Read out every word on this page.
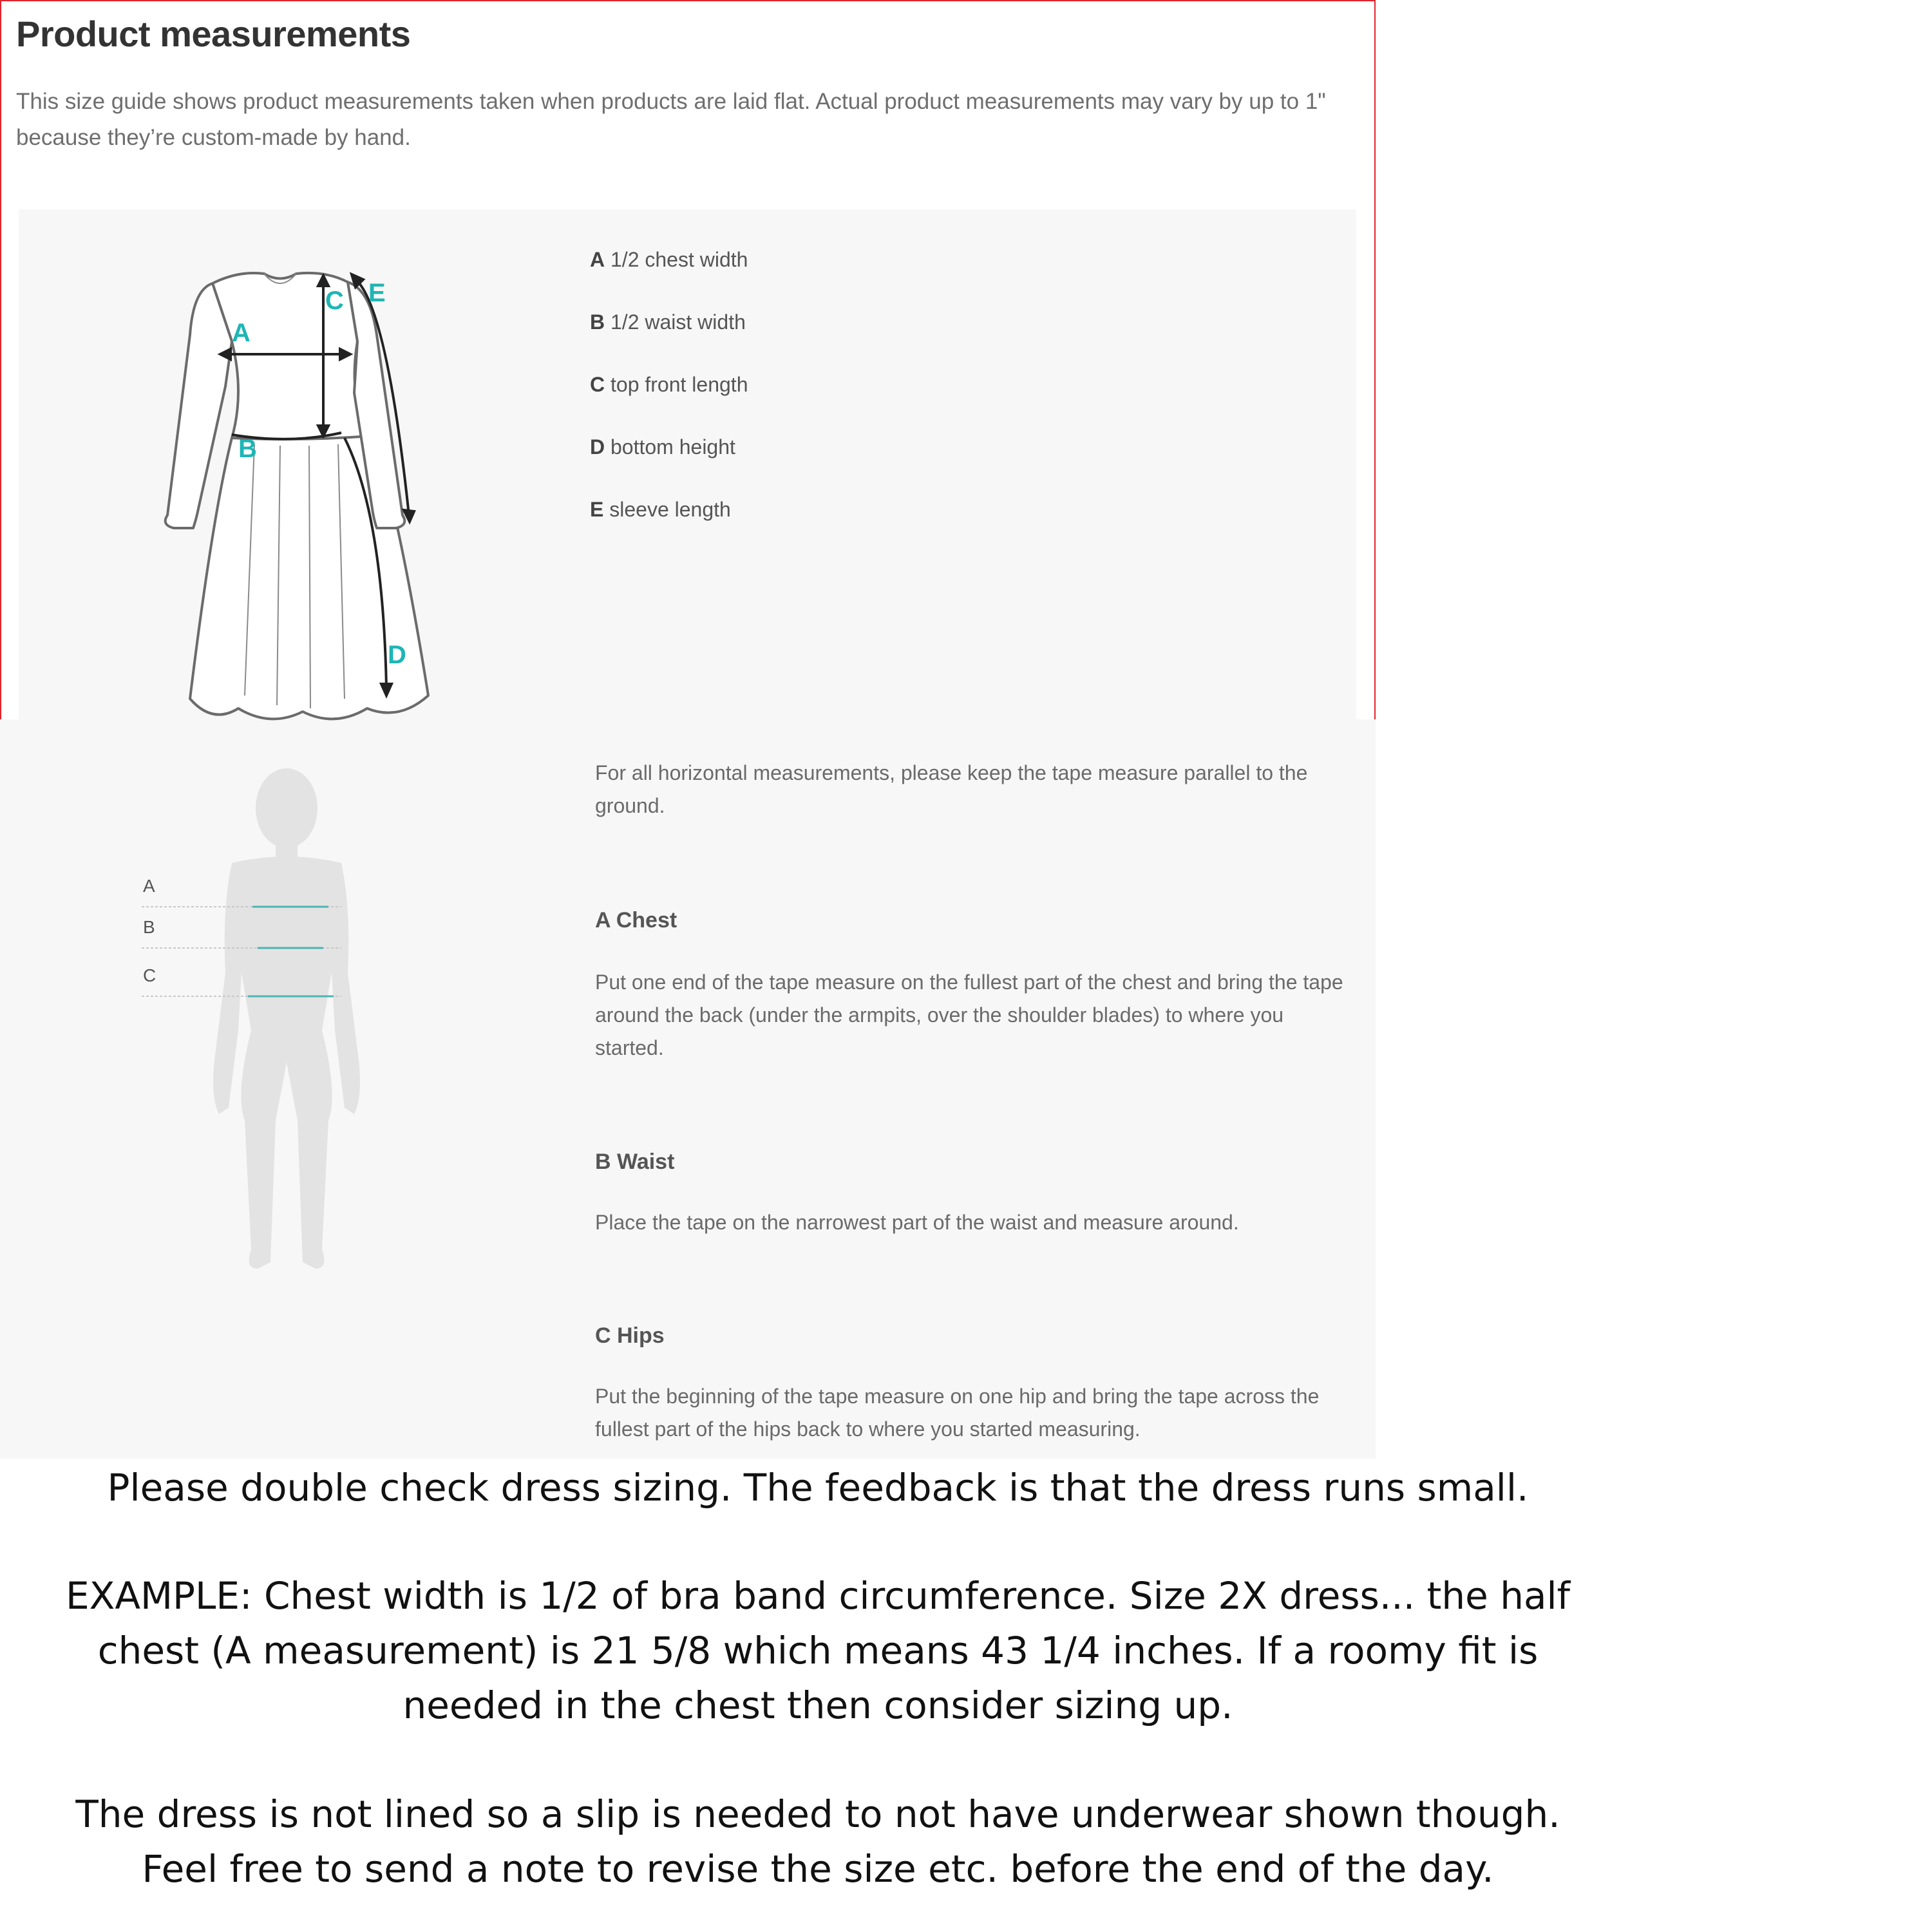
Product measurements
This size guide shows product measurements taken when products are laid flat. Actual product measurements may vary by up to 1" because they’re custom-made by hand.
A
B
C
D
E
A 1/2 chest width
B 1/2 waist width
C top front length
D bottom height
E sleeve length
A
B
C
For all horizontal measurements, please keep the tape measure parallel to the ground.
A Chest
Put one end of the tape measure on the fullest part of the chest and bring the tape around the back (under the armpits, over the shoulder blades) to where you started.
B Waist
Place the tape on the narrowest part of the waist and measure around.
C Hips
Put the beginning of the tape measure on one hip and bring the tape across the fullest part of the hips back to where you started measuring.
Please double check dress sizing. The feedback is that the dress runs small.
EXAMPLE: Chest width is 1/2 of bra band circumference. Size 2X dress... the half
chest (A measurement) is 21 5/8 which means 43 1/4 inches. If a roomy fit is
needed in the chest then consider sizing up.
The dress is not lined so a slip is needed to not have underwear shown though.
Feel free to send a note to revise the size etc. before the end of the day.
